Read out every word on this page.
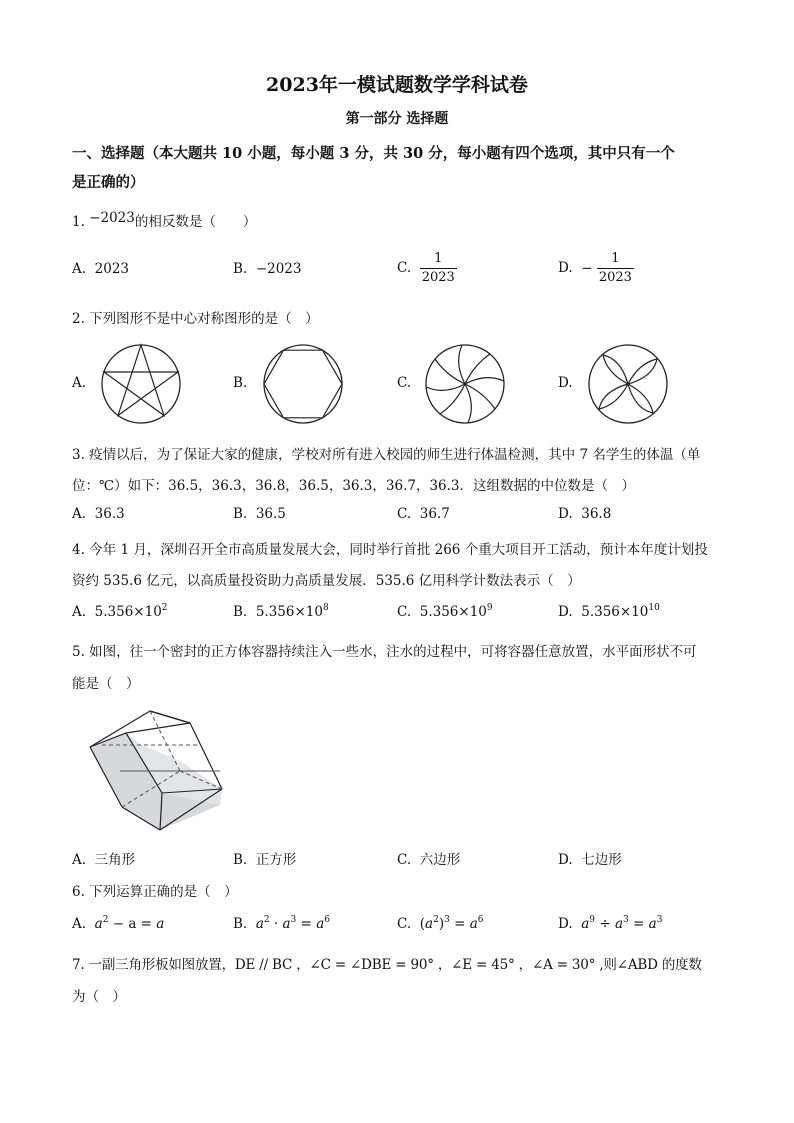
2023年一模试题数学学科试卷
第一部分 选择题
一、选择题（本大题共 10 小题，每小题 3 分，共 30 分，每小题有四个选项，其中只有一个
是正确的）
1. −2023的相反数是（　　）
A. 2023	B. −2023	C. $\frac{1}{2023}$	D. − $\frac{1}{2023}$
2. 下列图形不是中心对称图形的是（　）
A.	B.	C.	D.
3. 疫情以后，为了保证大家的健康，学校对所有进入校园的师生进行体温检测，其中 7 名学生的体温（单
位：℃）如下：36.5，36.3，36.8，36.5，36.3，36.7，36.3．这组数据的中位数是（　）
A. 36.3	B. 36.5	C. 36.7	D. 36.8
4. 今年 1 月，深圳召开全市高质量发展大会，同时举行首批 266 个重大项目开工活动，预计本年度计划投
资约 535.6 亿元，以高质量投资助力高质量发展．535.6 亿用科学计数法表示（　）
A. $5.356\times 10^2$	B. $5.356\times 10^8$	C. $5.356\times 10^9$	D. $5.356\times 10^{10}$
5. 如图，往一个密封的正方体容器持续注入一些水，注水的过程中，可将容器任意放置，水平面形状不可
能是（　）
A. 三角形	B. 正方形	C. 六边形	D. 七边形
6. 下列运算正确的是（　）
A. $a^2 - a = a$	B. $a^2 \cdot a^3 = a^6$	C. $(a^2)^3 = a^6$	D. $a^9 \div a^3 = a^3$
7. 一副三角形板如图放置，DE // BC ，∠C = ∠DBE = 90° ，∠E = 45° ，∠A = 30° ,则∠ABD 的度数
为（　）
